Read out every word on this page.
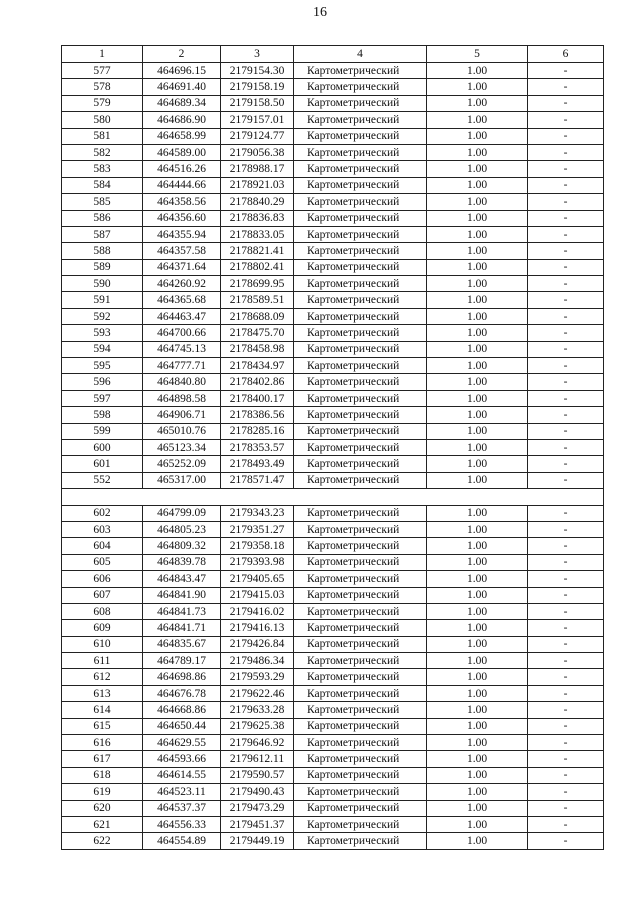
16
1	2	3	4	5	6
577	464696.15	2179154.30	Картометрический	1.00	-
578	464691.40	2179158.19	Картометрический	1.00	-
579	464689.34	2179158.50	Картометрический	1.00	-
580	464686.90	2179157.01	Картометрический	1.00	-
581	464658.99	2179124.77	Картометрический	1.00	-
582	464589.00	2179056.38	Картометрический	1.00	-
583	464516.26	2178988.17	Картометрический	1.00	-
584	464444.66	2178921.03	Картометрический	1.00	-
585	464358.56	2178840.29	Картометрический	1.00	-
586	464356.60	2178836.83	Картометрический	1.00	-
587	464355.94	2178833.05	Картометрический	1.00	-
588	464357.58	2178821.41	Картометрический	1.00	-
589	464371.64	2178802.41	Картометрический	1.00	-
590	464260.92	2178699.95	Картометрический	1.00	-
591	464365.68	2178589.51	Картометрический	1.00	-
592	464463.47	2178688.09	Картометрический	1.00	-
593	464700.66	2178475.70	Картометрический	1.00	-
594	464745.13	2178458.98	Картометрический	1.00	-
595	464777.71	2178434.97	Картометрический	1.00	-
596	464840.80	2178402.86	Картометрический	1.00	-
597	464898.58	2178400.17	Картометрический	1.00	-
598	464906.71	2178386.56	Картометрический	1.00	-
599	465010.76	2178285.16	Картометрический	1.00	-
600	465123.34	2178353.57	Картометрический	1.00	-
601	465252.09	2178493.49	Картометрический	1.00	-
552	465317.00	2178571.47	Картометрический	1.00	-

602	464799.09	2179343.23	Картометрический	1.00	-
603	464805.23	2179351.27	Картометрический	1.00	-
604	464809.32	2179358.18	Картометрический	1.00	-
605	464839.78	2179393.98	Картометрический	1.00	-
606	464843.47	2179405.65	Картометрический	1.00	-
607	464841.90	2179415.03	Картометрический	1.00	-
608	464841.73	2179416.02	Картометрический	1.00	-
609	464841.71	2179416.13	Картометрический	1.00	-
610	464835.67	2179426.84	Картометрический	1.00	-
611	464789.17	2179486.34	Картометрический	1.00	-
612	464698.86	2179593.29	Картометрический	1.00	-
613	464676.78	2179622.46	Картометрический	1.00	-
614	464668.86	2179633.28	Картометрический	1.00	-
615	464650.44	2179625.38	Картометрический	1.00	-
616	464629.55	2179646.92	Картометрический	1.00	-
617	464593.66	2179612.11	Картометрический	1.00	-
618	464614.55	2179590.57	Картометрический	1.00	-
619	464523.11	2179490.43	Картометрический	1.00	-
620	464537.37	2179473.29	Картометрический	1.00	-
621	464556.33	2179451.37	Картометрический	1.00	-
622	464554.89	2179449.19	Картометрический	1.00	-
